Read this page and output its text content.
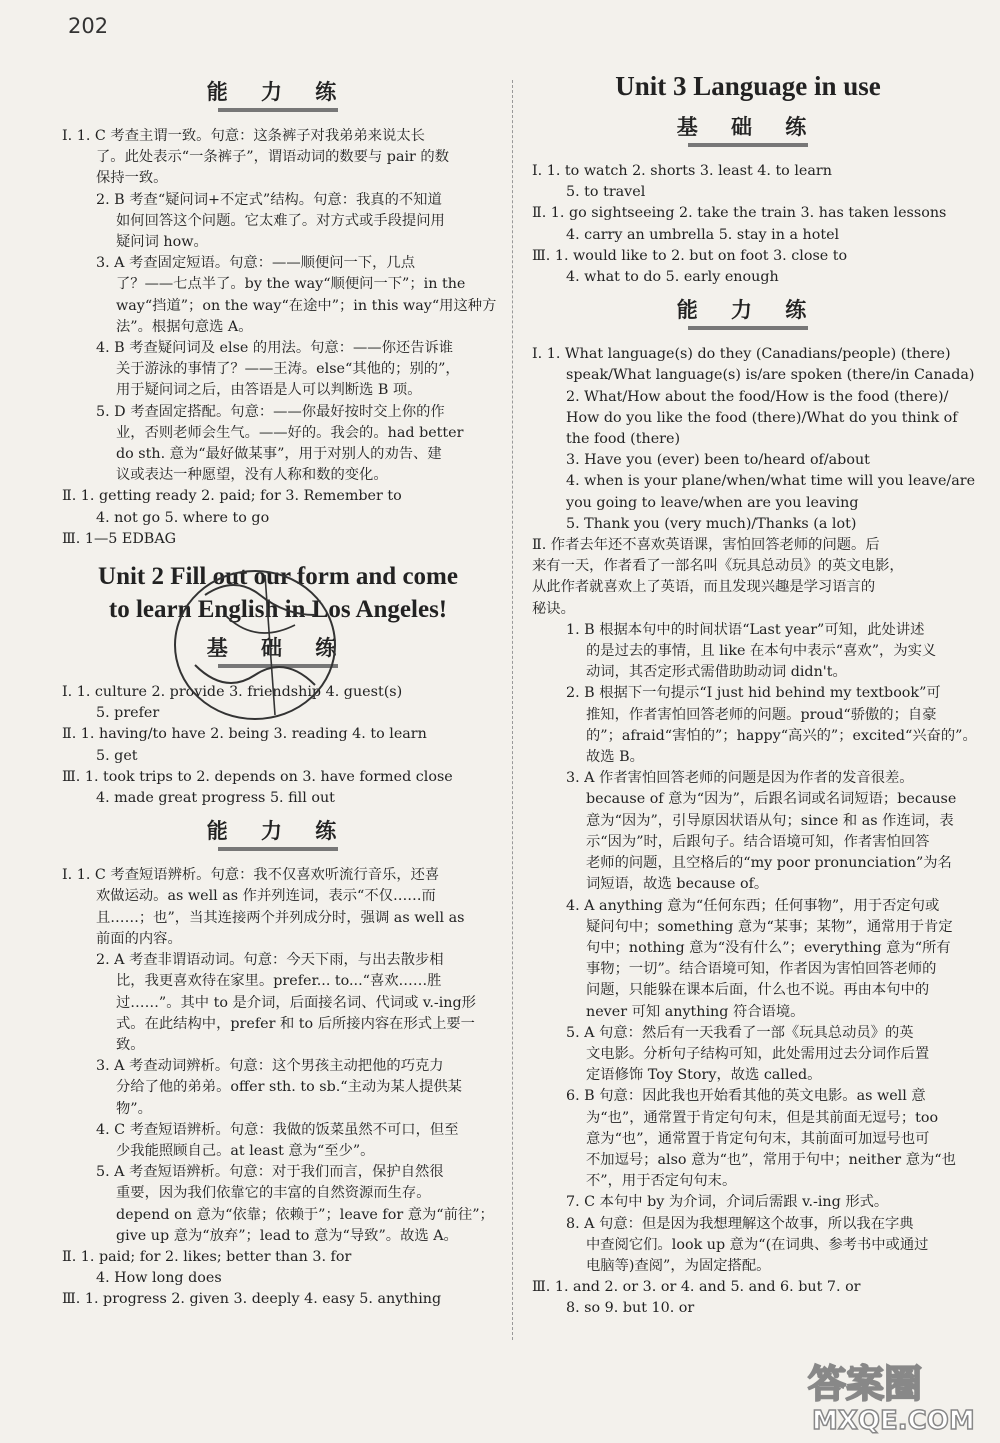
202
能 力 练
Ⅰ. 1. C 考查主谓一致。句意：这条裤子对我弟弟来说太长
了。此处表示“一条裤子”，谓语动词的数要与 pair 的数
保持一致。
2. B 考查“疑问词+不定式”结构。句意：我真的不知道
如何回答这个问题。它太难了。对方式或手段提问用
疑问词 how。
3. A 考查固定短语。句意：——顺便问一下，几点
了？——七点半了。by the way“顺便问一下”；in the
way“挡道”；on the way“在途中”；in this way“用这种方
法”。根据句意选 A。
4. B 考查疑问词及 else 的用法。句意：——你还告诉谁
关于游泳的事情了？——王涛。else“其他的；别的”，
用于疑问词之后，由答语是人可以判断选 B 项。
5. D 考查固定搭配。句意：——你最好按时交上你的作
业，否则老师会生气。——好的。我会的。had better
do sth. 意为“最好做某事”，用于对别人的劝告、建
议或表达一种愿望，没有人称和数的变化。
Ⅱ. 1. getting ready 2. paid; for 3. Remember to
4. not go 5. where to go
Ⅲ. 1—5 EDBAG
Unit 2 Fill out our form and come
to learn English in Los Angeles!
基 础 练
Ⅰ. 1. culture 2. provide 3. friendship 4. guest(s)
5. prefer
Ⅱ. 1. having/to have 2. being 3. reading 4. to learn
5. get
Ⅲ. 1. took trips to 2. depends on 3. have formed close
4. made great progress 5. fill out
能 力 练
Ⅰ. 1. C 考查短语辨析。句意：我不仅喜欢听流行音乐，还喜
欢做运动。as well as 作并列连词，表示“不仅……而
且……；也”，当其连接两个并列成分时，强调 as well as
前面的内容。
2. A 考查非谓语动词。句意：今天下雨，与出去散步相
比，我更喜欢待在家里。prefer... to...“喜欢……胜
过……”。其中 to 是介词，后面接名词、代词或 v.-ing形
式。在此结构中，prefer 和 to 后所接内容在形式上要一
致。
3. A 考查动词辨析。句意：这个男孩主动把他的巧克力
分给了他的弟弟。offer sth. to sb.“主动为某人提供某
物”。
4. C 考查短语辨析。句意：我做的饭菜虽然不可口，但至
少我能照顾自己。at least 意为“至少”。
5. A 考查短语辨析。句意：对于我们而言，保护自然很
重要，因为我们依靠它的丰富的自然资源而生存。
depend on 意为“依靠；依赖于”；leave for 意为“前往”；
give up 意为“放弃”；lead to 意为“导致”。故选 A。
Ⅱ. 1. paid; for 2. likes; better than 3. for
4. How long does
Ⅲ. 1. progress 2. given 3. deeply 4. easy 5. anything
Unit 3 Language in use
基 础 练
Ⅰ. 1. to watch 2. shorts 3. least 4. to learn
5. to travel
Ⅱ. 1. go sightseeing 2. take the train 3. has taken lessons
4. carry an umbrella 5. stay in a hotel
Ⅲ. 1. would like to 2. but on foot 3. close to
4. what to do 5. early enough
能 力 练
Ⅰ. 1. What language(s) do they (Canadians/people) (there)
speak/What language(s) is/are spoken (there/in Canada)
2. What/How about the food/How is the food (there)/
How do you like the food (there)/What do you think of
the food (there)
3. Have you (ever) been to/heard of/about
4. when is your plane/when/what time will you leave/are
you going to leave/when are you leaving
5. Thank you (very much)/Thanks (a lot)
Ⅱ. 作者去年还不喜欢英语课，害怕回答老师的问题。后
来有一天，作者看了一部名叫《玩具总动员》的英文电影，
从此作者就喜欢上了英语，而且发现兴趣是学习语言的
秘诀。
1. B 根据本句中的时间状语“Last year”可知，此处讲述
的是过去的事情，且 like 在本句中表示“喜欢”，为实义
动词，其否定形式需借助助动词 didn't。
2. B 根据下一句提示“I just hid behind my textbook”可
推知，作者害怕回答老师的问题。proud“骄傲的；自豪
的”；afraid“害怕的”；happy“高兴的”；excited“兴奋的”。
故选 B。
3. A 作者害怕回答老师的问题是因为作者的发音很差。
because of 意为“因为”，后跟名词或名词短语；because
意为“因为”，引导原因状语从句；since 和 as 作连词，表
示“因为”时，后跟句子。结合语境可知，作者害怕回答
老师的问题，且空格后的“my poor pronunciation”为名
词短语，故选 because of。
4. A anything 意为“任何东西；任何事物”，用于否定句或
疑问句中；something 意为“某事；某物”，通常用于肯定
句中；nothing 意为“没有什么”；everything 意为“所有
事物；一切”。结合语境可知，作者因为害怕回答老师的
问题，只能躲在课本后面，什么也不说。再由本句中的
never 可知 anything 符合语境。
5. A 句意：然后有一天我看了一部《玩具总动员》的英
文电影。分析句子结构可知，此处需用过去分词作后置
定语修饰 Toy Story，故选 called。
6. B 句意：因此我也开始看其他的英文电影。as well 意
为“也”，通常置于肯定句句末，但是其前面无逗号；too
意为“也”，通常置于肯定句句末，其前面可加逗号也可
不加逗号；also 意为“也”，常用于句中；neither 意为“也
不”，用于否定句句末。
7. C 本句中 by 为介词，介词后需跟 v.-ing 形式。
8. A 句意：但是因为我想理解这个故事，所以我在字典
中查阅它们。look up 意为“(在词典、参考书中或通过
电脑等)查阅”，为固定搭配。
Ⅲ. 1. and 2. or 3. or 4. and 5. and 6. but 7. or
8. so 9. but 10. or
答案圈
MXQE.COM
